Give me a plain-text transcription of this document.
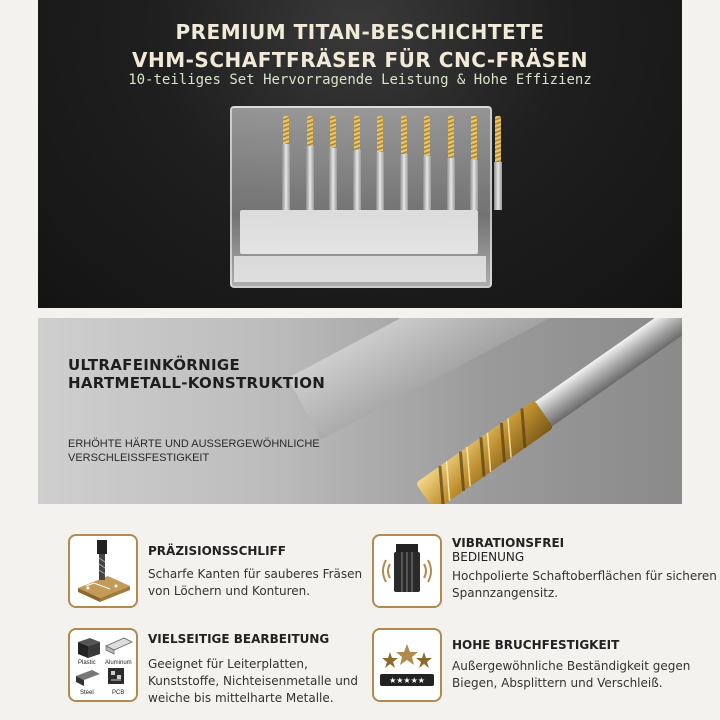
PREMIUM TITAN-BESCHICHTETE
VHM-SCHAFTFRÄSER FÜR CNC-FRÄSEN
10-teiliges Set Hervorragende Leistung & Hohe Effizienz
ULTRAFEINKÖRNIGE
HARTMETALL-KONSTRUKTION
ERHÖHTE HÄRTE UND AUSSERGEWÖHNLICHE
VERSCHLEISSFESTIGKEIT
PRÄZISIONSSCHLIFF
Scharfe Kanten für sauberes Fräsen
von Löchern und Konturen.
VIBRATIONSFREI
BEDIENUNG
Hochpolierte Schaftoberflächen für sicheren
Spannzangensitz.
Plastic Aluminum
Steel	PCB
VIELSEITIGE BEARBEITUNG
Geeignet für Leiterplatten,
Kunststoffe, Nichteisenmetalle und
weiche bis mittelharte Metalle.
★★★★★
HOHE BRUCHFESTIGKEIT
Außergewöhnliche Beständigkeit gegen
Biegen, Absplittern und Verschleiß.
